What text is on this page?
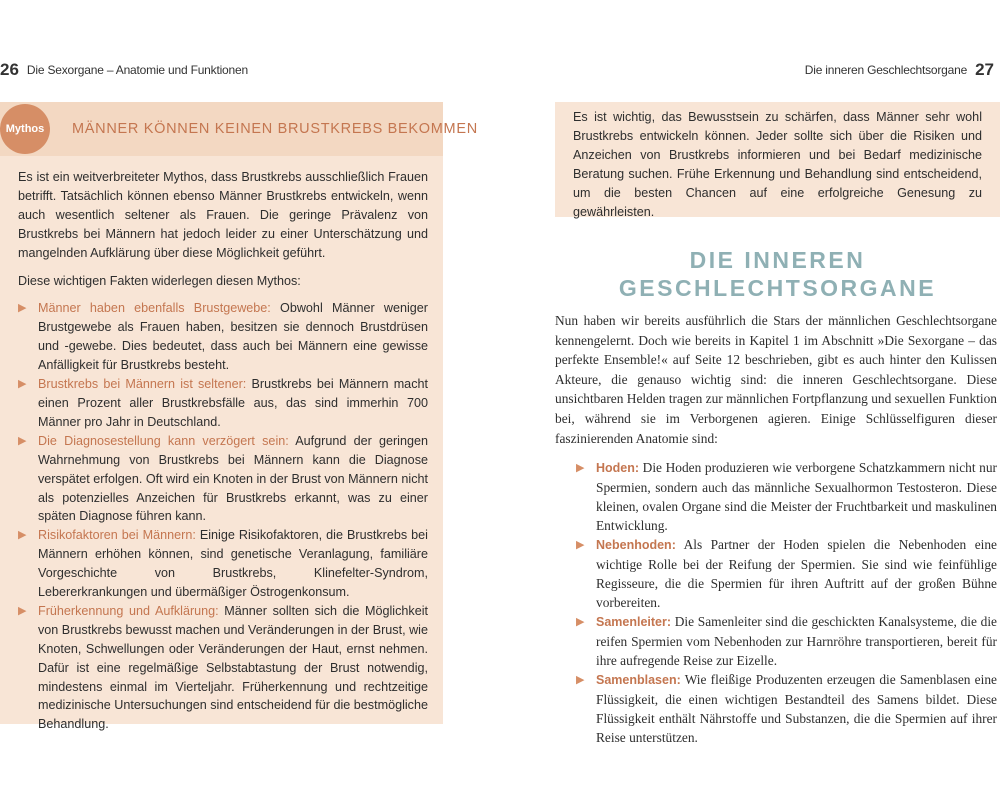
26 Die Sexorgane – Anatomie und Funktionen	Die inneren Geschlechtsorgane 27
Mythos	MÄNNER KÖNNEN KEINEN BRUSTKREBS BEKOMMEN

Es ist ein weitverbreiteter Mythos, dass Brustkrebs ausschließlich Frauen betrifft. Tatsächlich können ebenso Männer Brustkrebs entwickeln, wenn auch wesentlich seltener als Frauen. Die geringe Prävalenz von Brustkrebs bei Männern hat jedoch leider zu einer Unterschätzung und mangelnden Aufklärung über diese Möglichkeit geführt.

Diese wichtigen Fakten widerlegen diesen Mythos:

▶ Männer haben ebenfalls Brustgewebe: Obwohl Männer weniger Brustgewebe als Frauen haben, besitzen sie dennoch Brustdrüsen und -gewebe. Dies bedeutet, dass auch bei Männern eine gewisse Anfälligkeit für Brustkrebs besteht.
▶ Brustkrebs bei Männern ist seltener: Brustkrebs bei Männern macht einen Prozent aller Brustkrebsfälle aus, das sind immerhin 700 Männer pro Jahr in Deutschland.
▶ Die Diagnosestellung kann verzögert sein: Aufgrund der geringen Wahrnehmung von Brustkrebs bei Männern kann die Diagnose verspätet erfolgen. Oft wird ein Knoten in der Brust von Männern nicht als potenzielles Anzeichen für Brustkrebs erkannt, was zu einer späten Diagnose führen kann.
▶ Risikofaktoren bei Männern: Einige Risikofaktoren, die Brustkrebs bei Männern erhöhen können, sind genetische Veranlagung, familiäre Vorgeschichte von Brustkrebs, Klinefelter-Syndrom, Lebererkrankungen und übermäßiger Östrogenkonsum.
▶ Früherkennung und Aufklärung: Männer sollten sich die Möglichkeit von Brustkrebs bewusst machen und Veränderungen in der Brust, wie Knoten, Schwellungen oder Veränderungen der Haut, ernst nehmen. Dafür ist eine regelmäßige Selbstabtastung der Brust notwendig, mindestens einmal im Vierteljahr. Früherkennung und rechtzeitige medizinische Untersuchungen sind entscheidend für die bestmögliche Behandlung.

Es ist wichtig, das Bewusstsein zu schärfen, dass Männer sehr wohl Brustkrebs entwickeln können. Jeder sollte sich über die Risiken und Anzeichen von Brustkrebs informieren und bei Bedarf medizinische Beratung suchen. Frühe Erkennung und Behandlung sind entscheidend, um die besten Chancen auf eine erfolgreiche Genesung zu gewährleisten.

DIE INNEREN
GESCHLECHTSORGANE

Nun haben wir bereits ausführlich die Stars der männlichen Geschlechtsorgane kennengelernt. Doch wie bereits in Kapitel 1 im Abschnitt »Die Sexorgane – das perfekte Ensemble!« auf Seite 12 beschrieben, gibt es auch hinter den Kulissen Akteure, die genauso wichtig sind: die inneren Geschlechtsorgane. Diese unsichtbaren Helden tragen zur männlichen Fortpflanzung und sexuellen Funktion bei, während sie im Verborgenen agieren. Einige Schlüsselfiguren dieser faszinierenden Anatomie sind:

▶ Hoden: Die Hoden produzieren wie verborgene Schatzkammern nicht nur Spermien, sondern auch das männliche Sexualhormon Testosteron. Diese kleinen, ovalen Organe sind die Meister der Fruchtbarkeit und maskulinen Entwicklung.
▶ Nebenhoden: Als Partner der Hoden spielen die Nebenhoden eine wichtige Rolle bei der Reifung der Spermien. Sie sind wie feinfühlige Regisseure, die die Spermien für ihren Auftritt auf der großen Bühne vorbereiten.
▶ Samenleiter: Die Samenleiter sind die geschickten Kanalsysteme, die die reifen Spermien vom Nebenhoden zur Harnröhre transportieren, bereit für ihre aufregende Reise zur Eizelle.
▶ Samenblasen: Wie fleißige Produzenten erzeugen die Samenblasen eine Flüssigkeit, die einen wichtigen Bestandteil des Samens bildet. Diese Flüssigkeit enthält Nährstoffe und Substanzen, die die Spermien auf ihrer Reise unterstützen.
